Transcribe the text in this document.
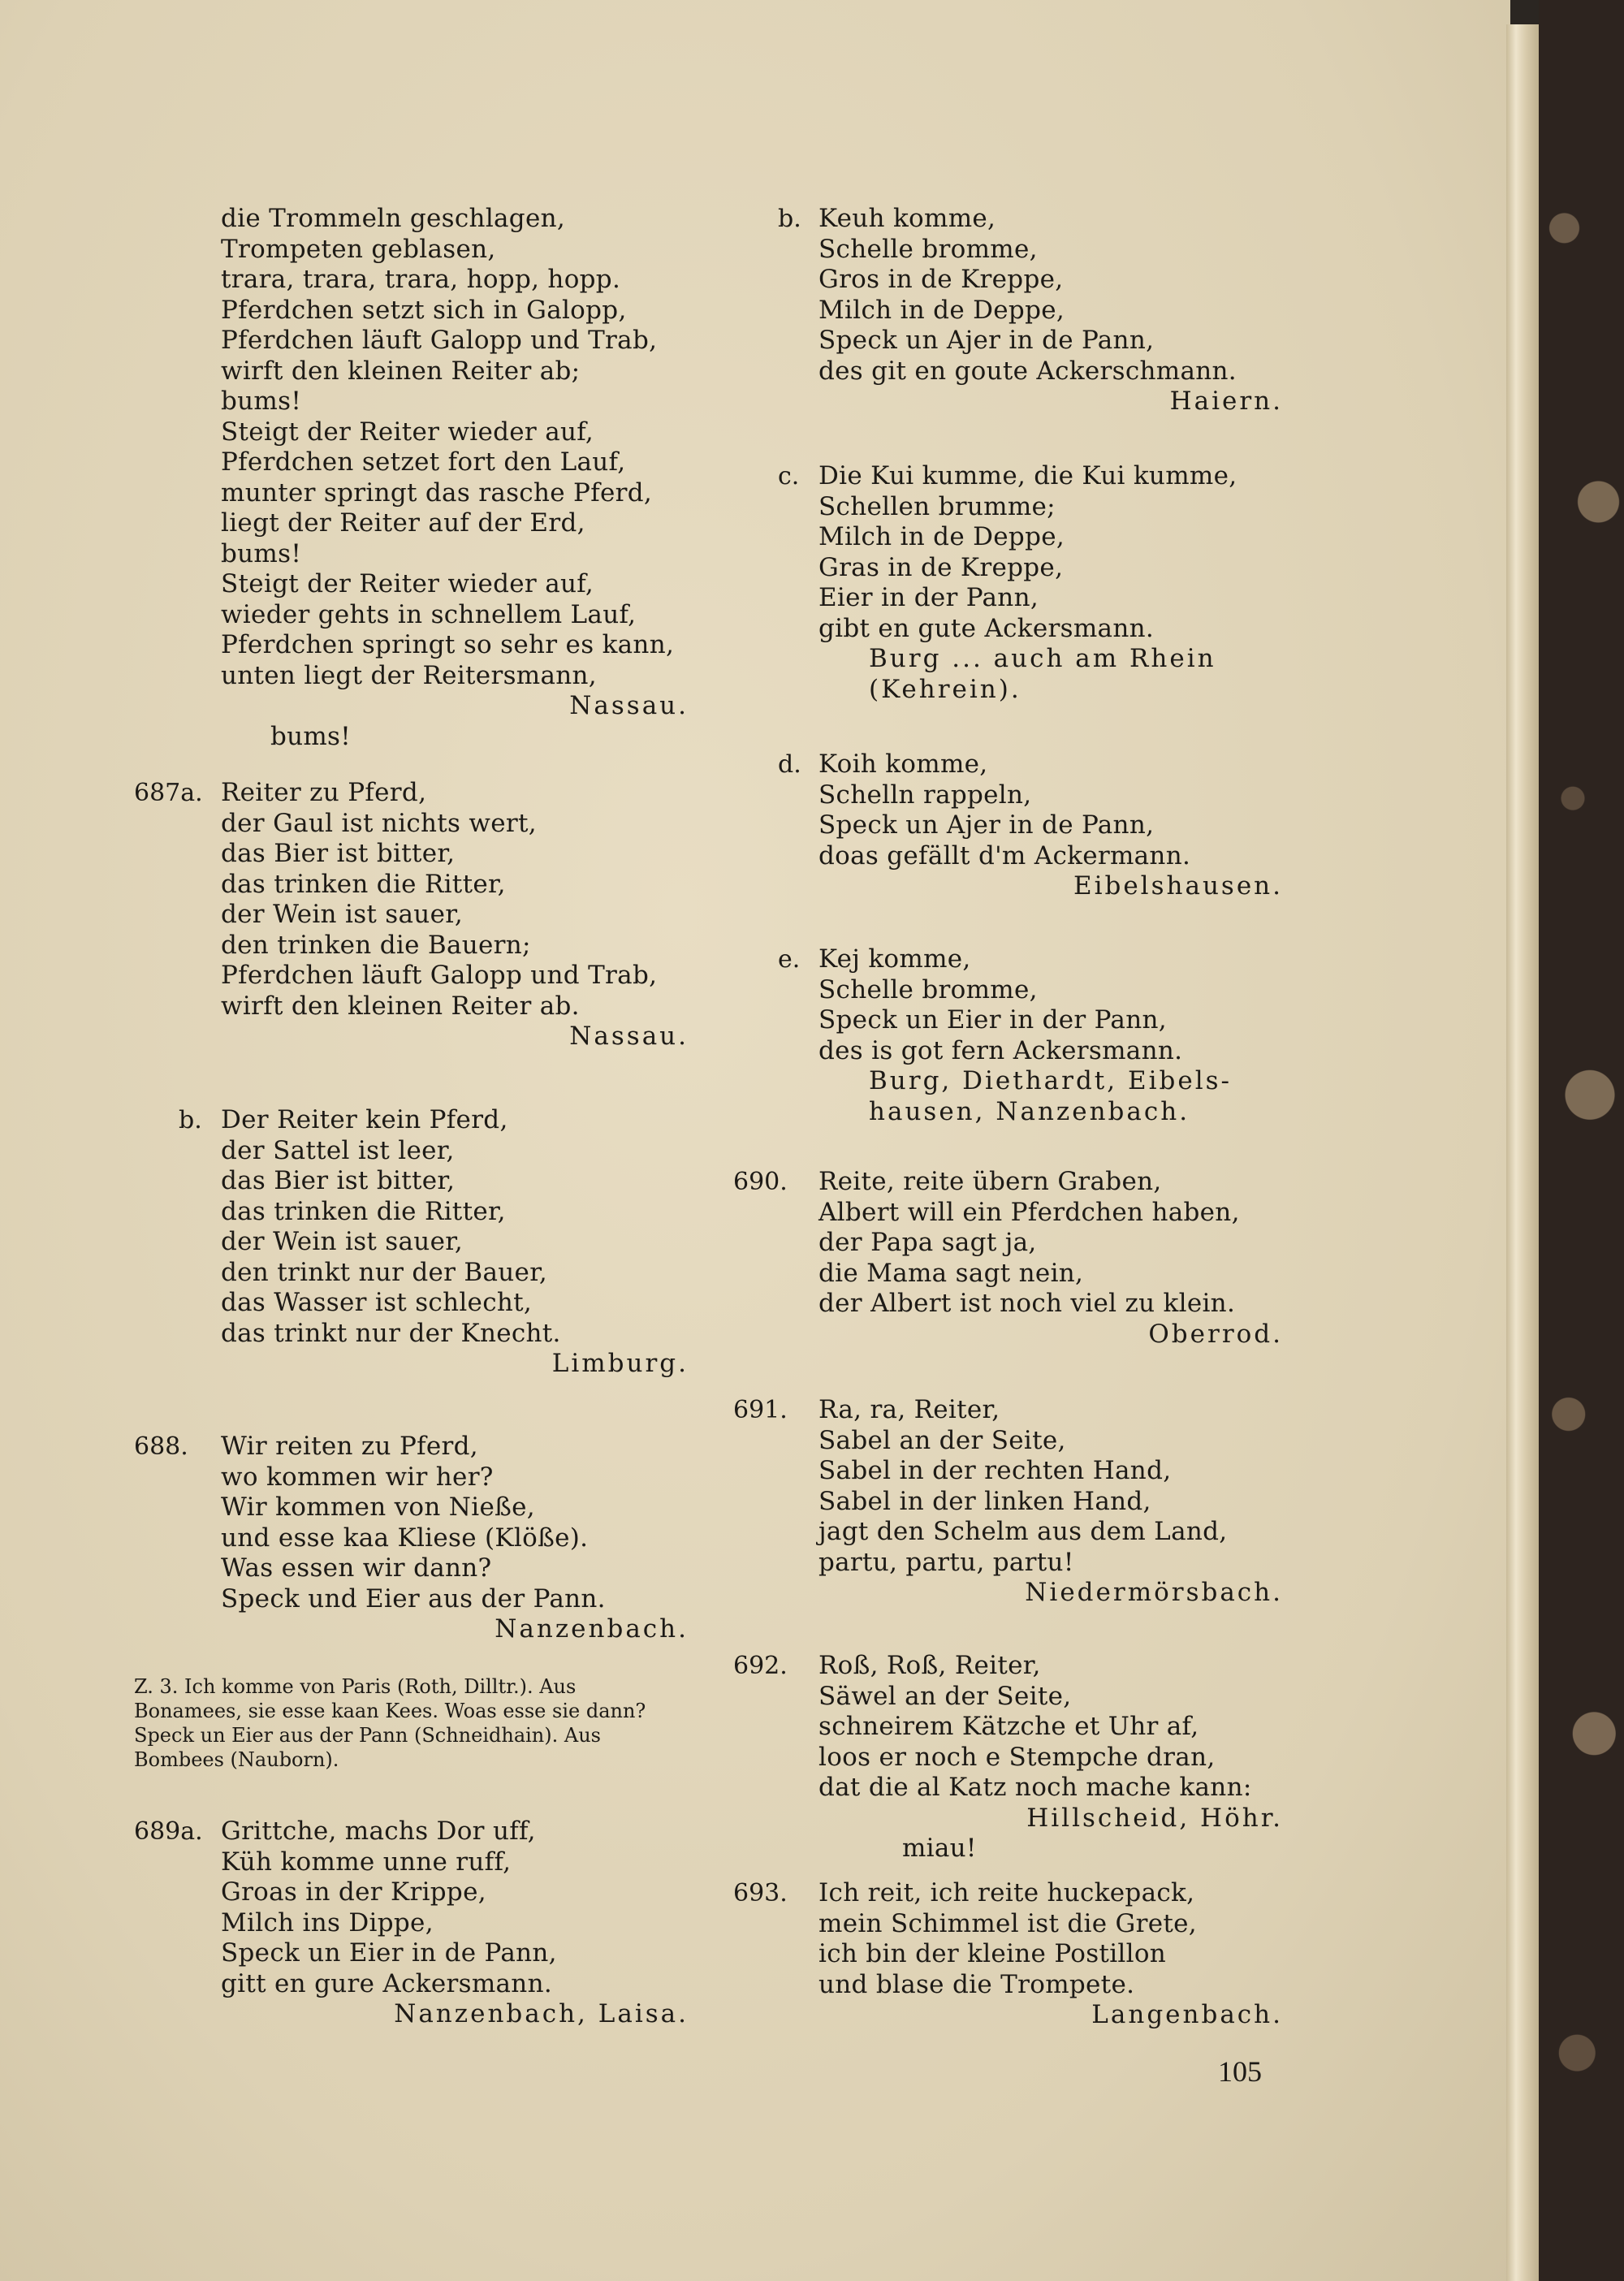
die Trommeln geschlagen,
Trompeten geblasen,
trara, trara, trara, hopp, hopp.
Pferdchen setzt sich in Galopp,
Pferdchen läuft Galopp und Trab,
wirft den kleinen Reiter ab;
bums!
Steigt der Reiter wieder auf,
Pferdchen setzet fort den Lauf,
munter springt das rasche Pferd,
liegt der Reiter auf der Erd,
bums!
Steigt der Reiter wieder auf,
wieder gehts in schnellem Lauf,
Pferdchen springt so sehr es kann,
unten liegt der Reitersmann,

bums!

Nassau.

687a. Reiter zu Pferd,
der Gaul ist nichts wert,
das Bier ist bitter,
das trinken die Ritter,
der Wein ist sauer,
den trinken die Bauern;
Pferdchen läuft Galopp und Trab,
wirft den kleinen Reiter ab.
Nassau.
b. Der Reiter kein Pferd,
der Sattel ist leer,
das Bier ist bitter,
das trinken die Ritter,
der Wein ist sauer,
den trinkt nur der Bauer,
das Wasser ist schlecht,
das trinkt nur der Knecht.
Limburg.
688. Wir reiten zu Pferd,
wo kommen wir her?
Wir kommen von Nieße,
und esse kaa Kliese (Klöße).
Was essen wir dann?
Speck und Eier aus der Pann.
Nanzenbach.
Z. 3. Ich komme von Paris (Roth, Dilltr.). Aus
Bonamees, sie esse kaan Kees. Woas esse sie dann?
Speck un Eier aus der Pann (Schneidhain). Aus
Bombees (Nauborn).
689a. Grittche, machs Dor uff,
Küh komme unne ruff,
Groas in der Krippe,
Milch ins Dippe,
Speck un Eier in de Pann,
gitt en gure Ackersmann.
Nanzenbach, Laisa.
b. Keuh komme,
Schelle bromme,
Gros in de Kreppe,
Milch in de Deppe,
Speck un Ajer in de Pann,
des git en goute Ackerschmann.
Haiern.
c. Die Kui kumme, die Kui kumme,
Schellen brumme;
Milch in de Deppe,
Gras in de Kreppe,
Eier in der Pann,
gibt en gute Ackersmann.
Burg ... auch am Rhein
(Kehrein).
d. Koih komme,
Schelln rappeln,
Speck un Ajer in de Pann,
doas gefällt d'm Ackermann.
Eibelshausen.
e. Kej komme,
Schelle bromme,
Speck un Eier in der Pann,
des is got fern Ackersmann.
Burg, Diethardt, Eibels-
hausen, Nanzenbach.
690. Reite, reite übern Graben,
Albert will ein Pferdchen haben,
der Papa sagt ja,
die Mama sagt nein,
der Albert ist noch viel zu klein.
Oberrod.
691. Ra, ra, Reiter,
Sabel an der Seite,
Sabel in der rechten Hand,
Sabel in der linken Hand,
jagt den Schelm aus dem Land,
partu, partu, partu!
Niedermörsbach.
692. Roß, Roß, Reiter,
Säwel an der Seite,
schneirem Kätzche et Uhr af,
loos er noch e Stempche dran,
dat die al Katz noch mache kann:

miau!

Hillscheid, Höhr.

693. Ich reit, ich reite huckepack,
mein Schimmel ist die Grete,
ich bin der kleine Postillon
und blase die Trompete.
Langenbach.
105
